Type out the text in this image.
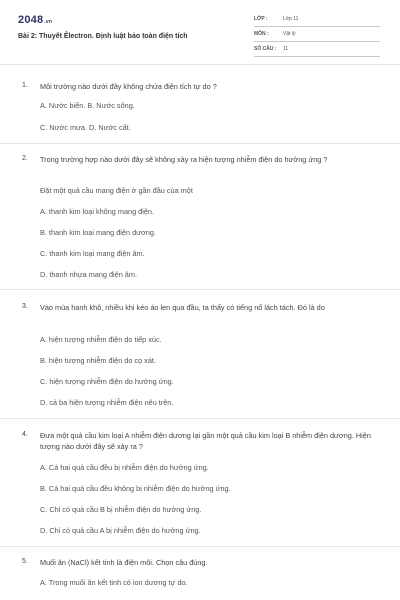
2048.vn
Bài 2: Thuyết Êlectron. Định luật bảo toàn điện tích
LỚP :	Lớp 11
MÔN :	Vật lý
SỐ CÂU : 11
1. Môi trường nào dưới đây không chứa điện tích tự do ?
A. Nước biển. B. Nước sông.
C. Nước mưa. D. Nước cất.
2. Trong trường hợp nào dưới đây sẽ không xảy ra hiện tượng nhiễm điện do hưởng ứng ?
Đặt một quả cầu mang điện ở gần đầu của một
A. thanh kim loại không mang điện.
B. thanh kim loại mang điện dương.
C. thanh kim loại mang điện âm.
D. thanh nhựa mang điện âm.
3. Vào mùa hanh khô, nhiều khi kéo áo len qua đầu, ta thấy có tiếng nổ lách tách. Đó là do
A. hiện tượng nhiễm điện do tiếp xúc.
B. hiện tượng nhiễm điện do cọ xát.
C. hiện tượng nhiễm điện do hưởng ứng.
D. cả ba hiện tượng nhiễm điện nêu trên.
4. Đưa một quả cầu kim loại A nhiễm điện dương lại gần một quả cầu kim loại B nhiễm điện dương. Hiện tượng nào dưới đây sẽ xảy ra ?
A. Cả hai quả cầu đều bị nhiễm điện do hưởng ứng.
B. Cả hai quả cầu đều không bị nhiễm điện do hưởng ứng.
C. Chỉ có quả cầu B bị nhiễm điện do hưởng ứng.
D. Chỉ có quả cầu A bị nhiễm điện do hưởng ứng.
5. Muối ăn (NaCl) kết tinh là điện môi. Chọn câu đúng.
A. Trong muối ăn kết tinh có ion dương tự do.
